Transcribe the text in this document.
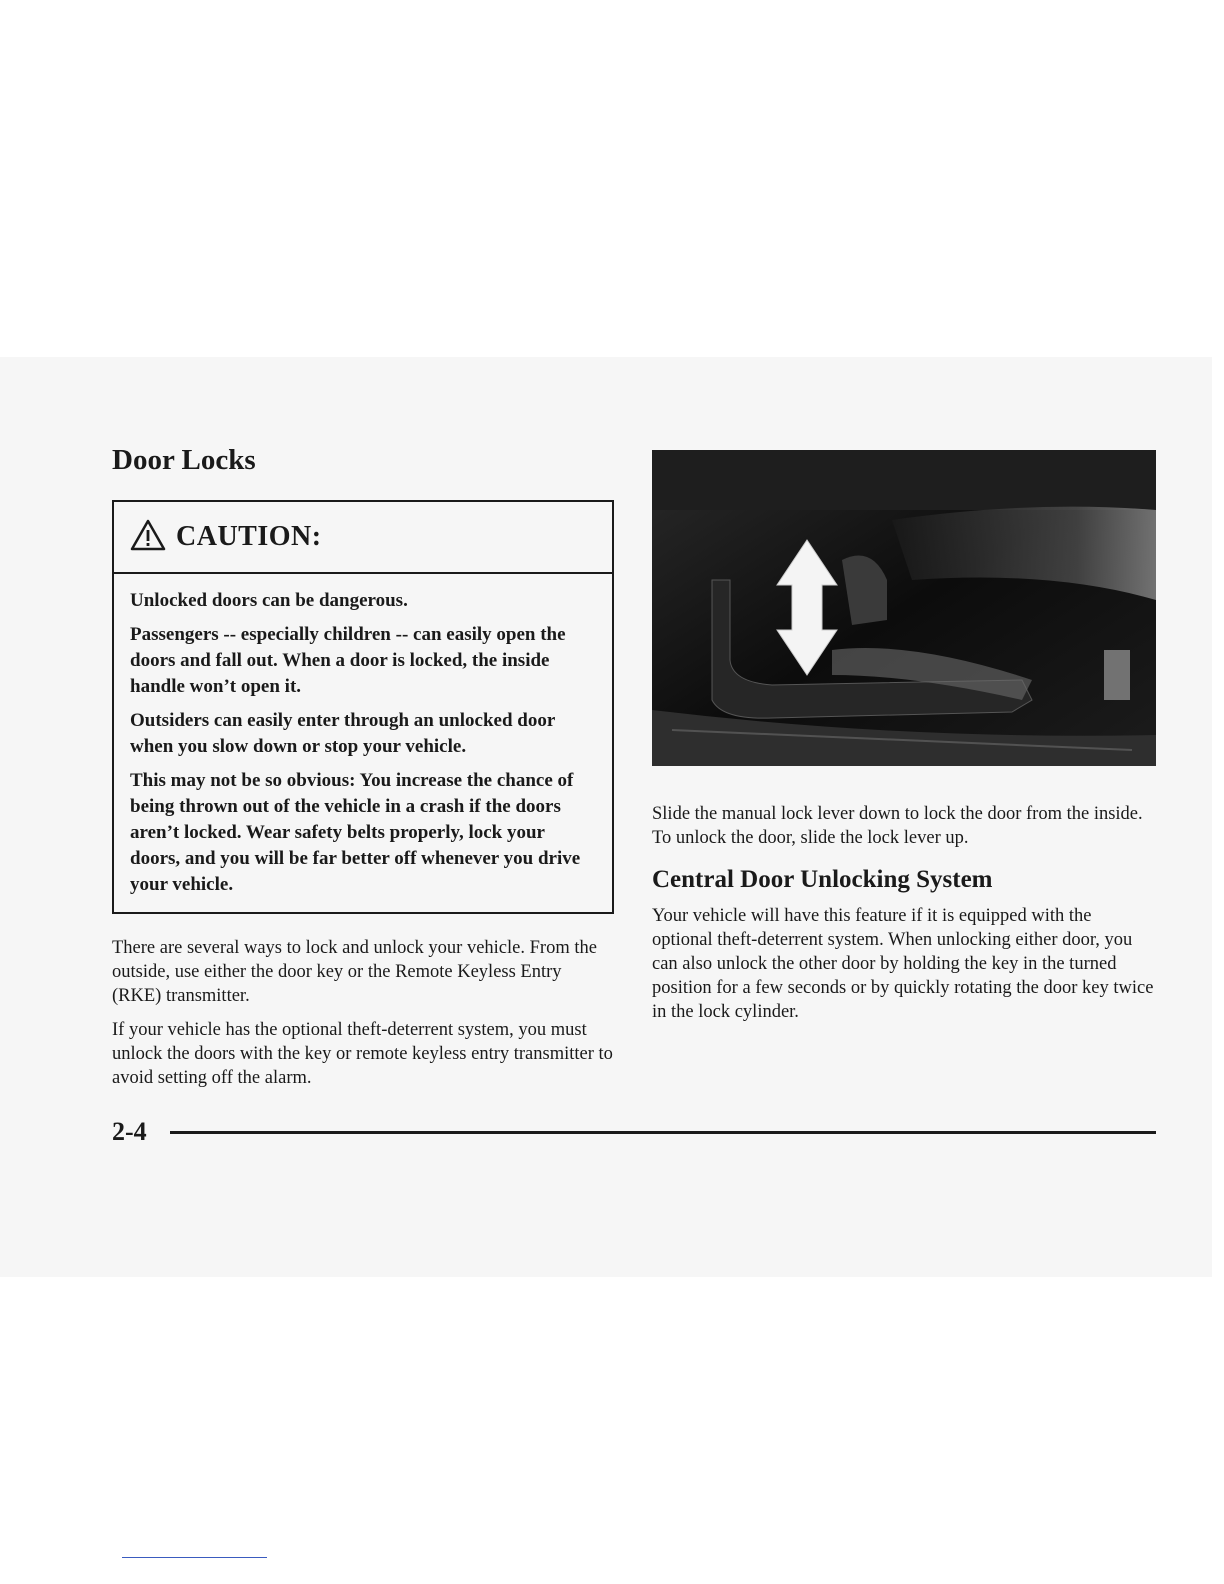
Door Locks
CAUTION:

Unlocked doors can be dangerous.

Passengers -- especially children -- can easily open the doors and fall out. When a door is locked, the inside handle won’t open it.

Outsiders can easily enter through an unlocked door when you slow down or stop your vehicle.

This may not be so obvious: You increase the chance of being thrown out of the vehicle in a crash if the doors aren’t locked. Wear safety belts properly, lock your doors, and you will be far better off whenever you drive your vehicle.

There are several ways to lock and unlock your vehicle. From the outside, use either the door key or the Remote Keyless Entry (RKE) transmitter.

If your vehicle has the optional theft-deterrent system, you must unlock the doors with the key or remote keyless entry transmitter to avoid setting off the alarm.

Slide the manual lock lever down to lock the door from the inside. To unlock the door, slide the lock lever up.

Central Door Unlocking System

Your vehicle will have this feature if it is equipped with the optional theft-deterrent system. When unlocking either door, you can also unlock the other door by holding the key in the turned position for a few seconds or by quickly rotating the door key twice in the lock cylinder.

2-4
